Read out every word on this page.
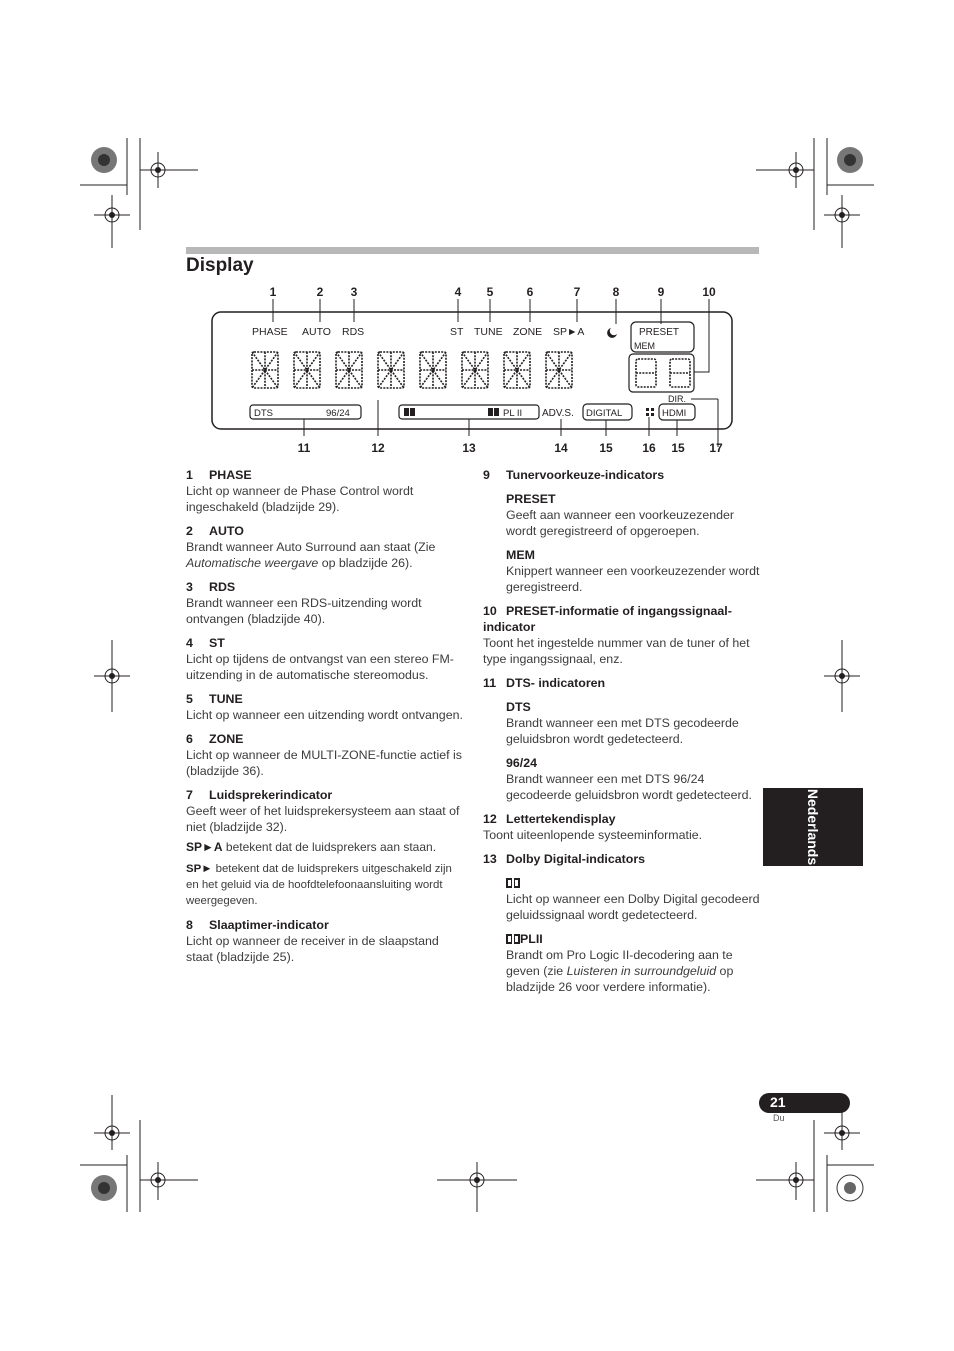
Display
1	2 3	4 5	6	7	8	9	10
PHASE AUTO RDS	ST TUNE ZONE SP►A	PRESET
MEM
DIR.
DTS	96/24	PL II ADV.S. DIGITAL	HDMI
11	12	13	14	15 16 15 17
1 PHASE
Licht op wanneer de Phase Control wordt ingeschakeld (bladzijde 29).
2 AUTO
Brandt wanneer Auto Surround aan staat (Zie Automatische weergave op bladzijde 26).
3 RDS
Brandt wanneer een RDS-uitzending wordt ontvangen (bladzijde 40).
4 ST
Licht op tijdens de ontvangst van een stereo FM-uitzending in de automatische stereomodus.
5 TUNE
Licht op wanneer een uitzending wordt ontvangen.
6 ZONE
Licht op wanneer de MULTI-ZONE-functie actief is (bladzijde 36).
7 Luidsprekerindicator
Geeft weer of het luidsprekersysteem aan staat of niet (bladzijde 32).
SP►A betekent dat de luidsprekers aan staan.
SP► betekent dat de luidsprekers uitgeschakeld zijn en het geluid via de hoofdtelefoonaansluiting wordt weergegeven.
8 Slaaptimer-indicator
Licht op wanneer de receiver in de slaapstand staat (bladzijde 25).
9 Tunervoorkeuze-indicators
PRESET
Geeft aan wanneer een voorkeuzezender wordt geregistreerd of opgeroepen.
MEM
Knippert wanneer een voorkeuzezender wordt geregistreerd.
10 PRESET-informatie of ingangssignaal-indicator
Toont het ingestelde nummer van de tuner of het type ingangssignaal, enz.
11 DTS- indicatoren
DTS
Brandt wanneer een met DTS gecodeerde geluidsbron wordt gedetecteerd.
96/24
Brandt wanneer een met DTS 96/24 gecodeerde geluidsbron wordt gedetecteerd.
12 Lettertekendisplay
Toont uiteenlopende systeeminformatie.
13 Dolby Digital-indicators
Licht op wanneer een Dolby Digital gecodeerd geluidssignaal wordt gedetecteerd.
PLII
Brandt om Pro Logic II-decodering aan te geven (zie Luisteren in surroundgeluid op bladzijde 26 voor verdere informatie).
Nederlands
21
Du
